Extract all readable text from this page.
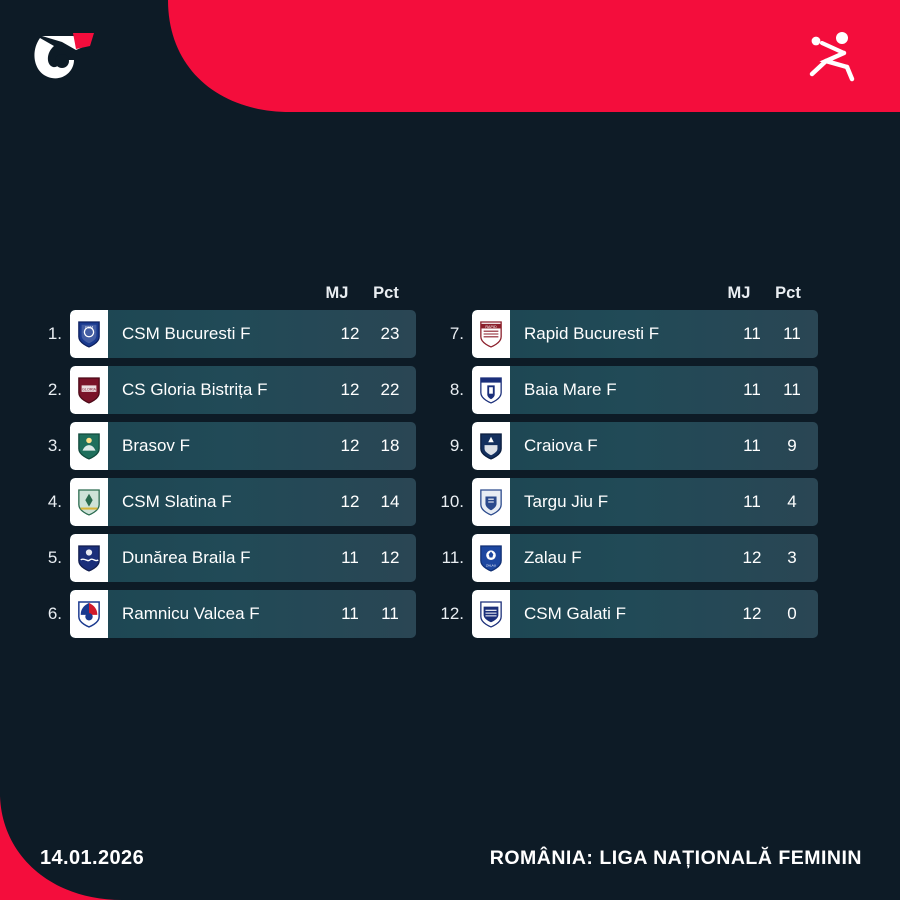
MJ	Pct
1.	CSM	CSM Bucuresti F	12	23
2.	GLORIA	CS Gloria Bistrița F	12	22
3.	Brasov F	12	18
4.	CSM Slatina F	12	14
5.	Dunărea Braila F	11	12
6.	Ramnicu Valcea F	11	11
MJ	Pct
7.	RAPID	Rapid Bucuresti F	11	11
8.	Baia Mare F	11	11
9.	Craiova F	11	9
10.	Targu Jiu F	11	4
11.	ZALAU	Zalau F	12	3
12.	CSM Galati F	12	0
14.01.2026	ROMÂNIA: LIGA NAȚIONALĂ FEMININ
